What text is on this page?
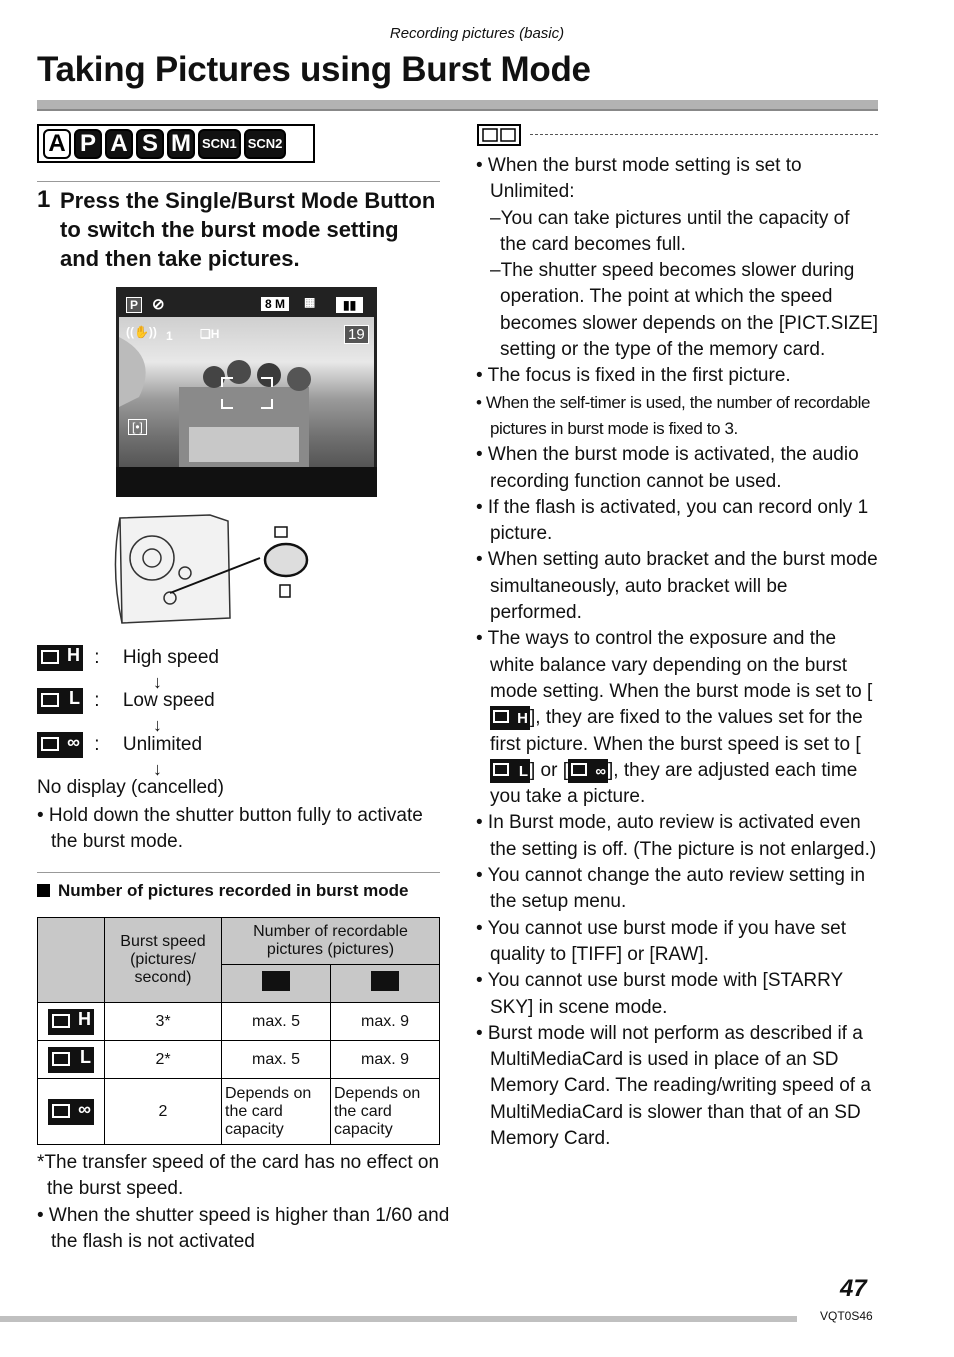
Recording pictures (basic)
Taking Pictures using Burst Mode
A P A S M SCN1 SCN2
1 Press the Single/Burst Mode Button to switch the burst mode setting and then take pictures.
P ⊘	8 M	▦	▮▮
((✋)) 1 ❑H	19
[•]
H : High speed
↓
L : Low speed
↓
∞ : Unlimited
↓
No display (cancelled)
• Hold down the shutter button fully to activate the burst mode.
Number of pictures recorded in burst mode
	Burst speed (pictures/ second)	Number of recordable pictures (pictures)	

H	3*	max. 5	max. 9
L	2*	max. 5	max. 9
∞	2	Depends on the card capacity	Depends on the card capacity
*The transfer speed of the card has no effect on the burst speed.
• When the shutter speed is higher than 1/60 and the flash is not activated

• When the burst mode setting is set to Unlimited:

–You can take pictures until the capacity of the card becomes full.

–The shutter speed becomes slower during operation. The point at which the speed becomes slower depends on the [PICT.SIZE] setting or the type of the memory card.

• The focus is fixed in the first picture.

• When the self-timer is used, the number of recordable pictures in burst mode is fixed to 3.

• When the burst mode is activated, the audio recording function cannot be used.

• If the flash is activated, you can record only 1 picture.

• When setting auto bracket and the burst mode simultaneously, auto bracket will be performed.

• The ways to control the exposure and the white balance vary depending on the burst mode setting. When the burst mode is set to [H ], they are fixed to the values set for the first picture. When the burst speed is set to [L ] or [ ∞ ], they are adjusted each time you take a picture.

• In Burst mode, auto review is activated even the setting is off. (The picture is not enlarged.)

• You cannot change the auto review setting in the setup menu.

• You cannot use burst mode if you have set quality to [TIFF] or [RAW].

• You cannot use burst mode with [STARRY SKY] in scene mode.

• Burst mode will not perform as described if a MultiMediaCard is used in place of an SD Memory Card. The reading/writing speed of a MultiMediaCard is slower than that of an SD Memory Card.

47
VQT0S46
